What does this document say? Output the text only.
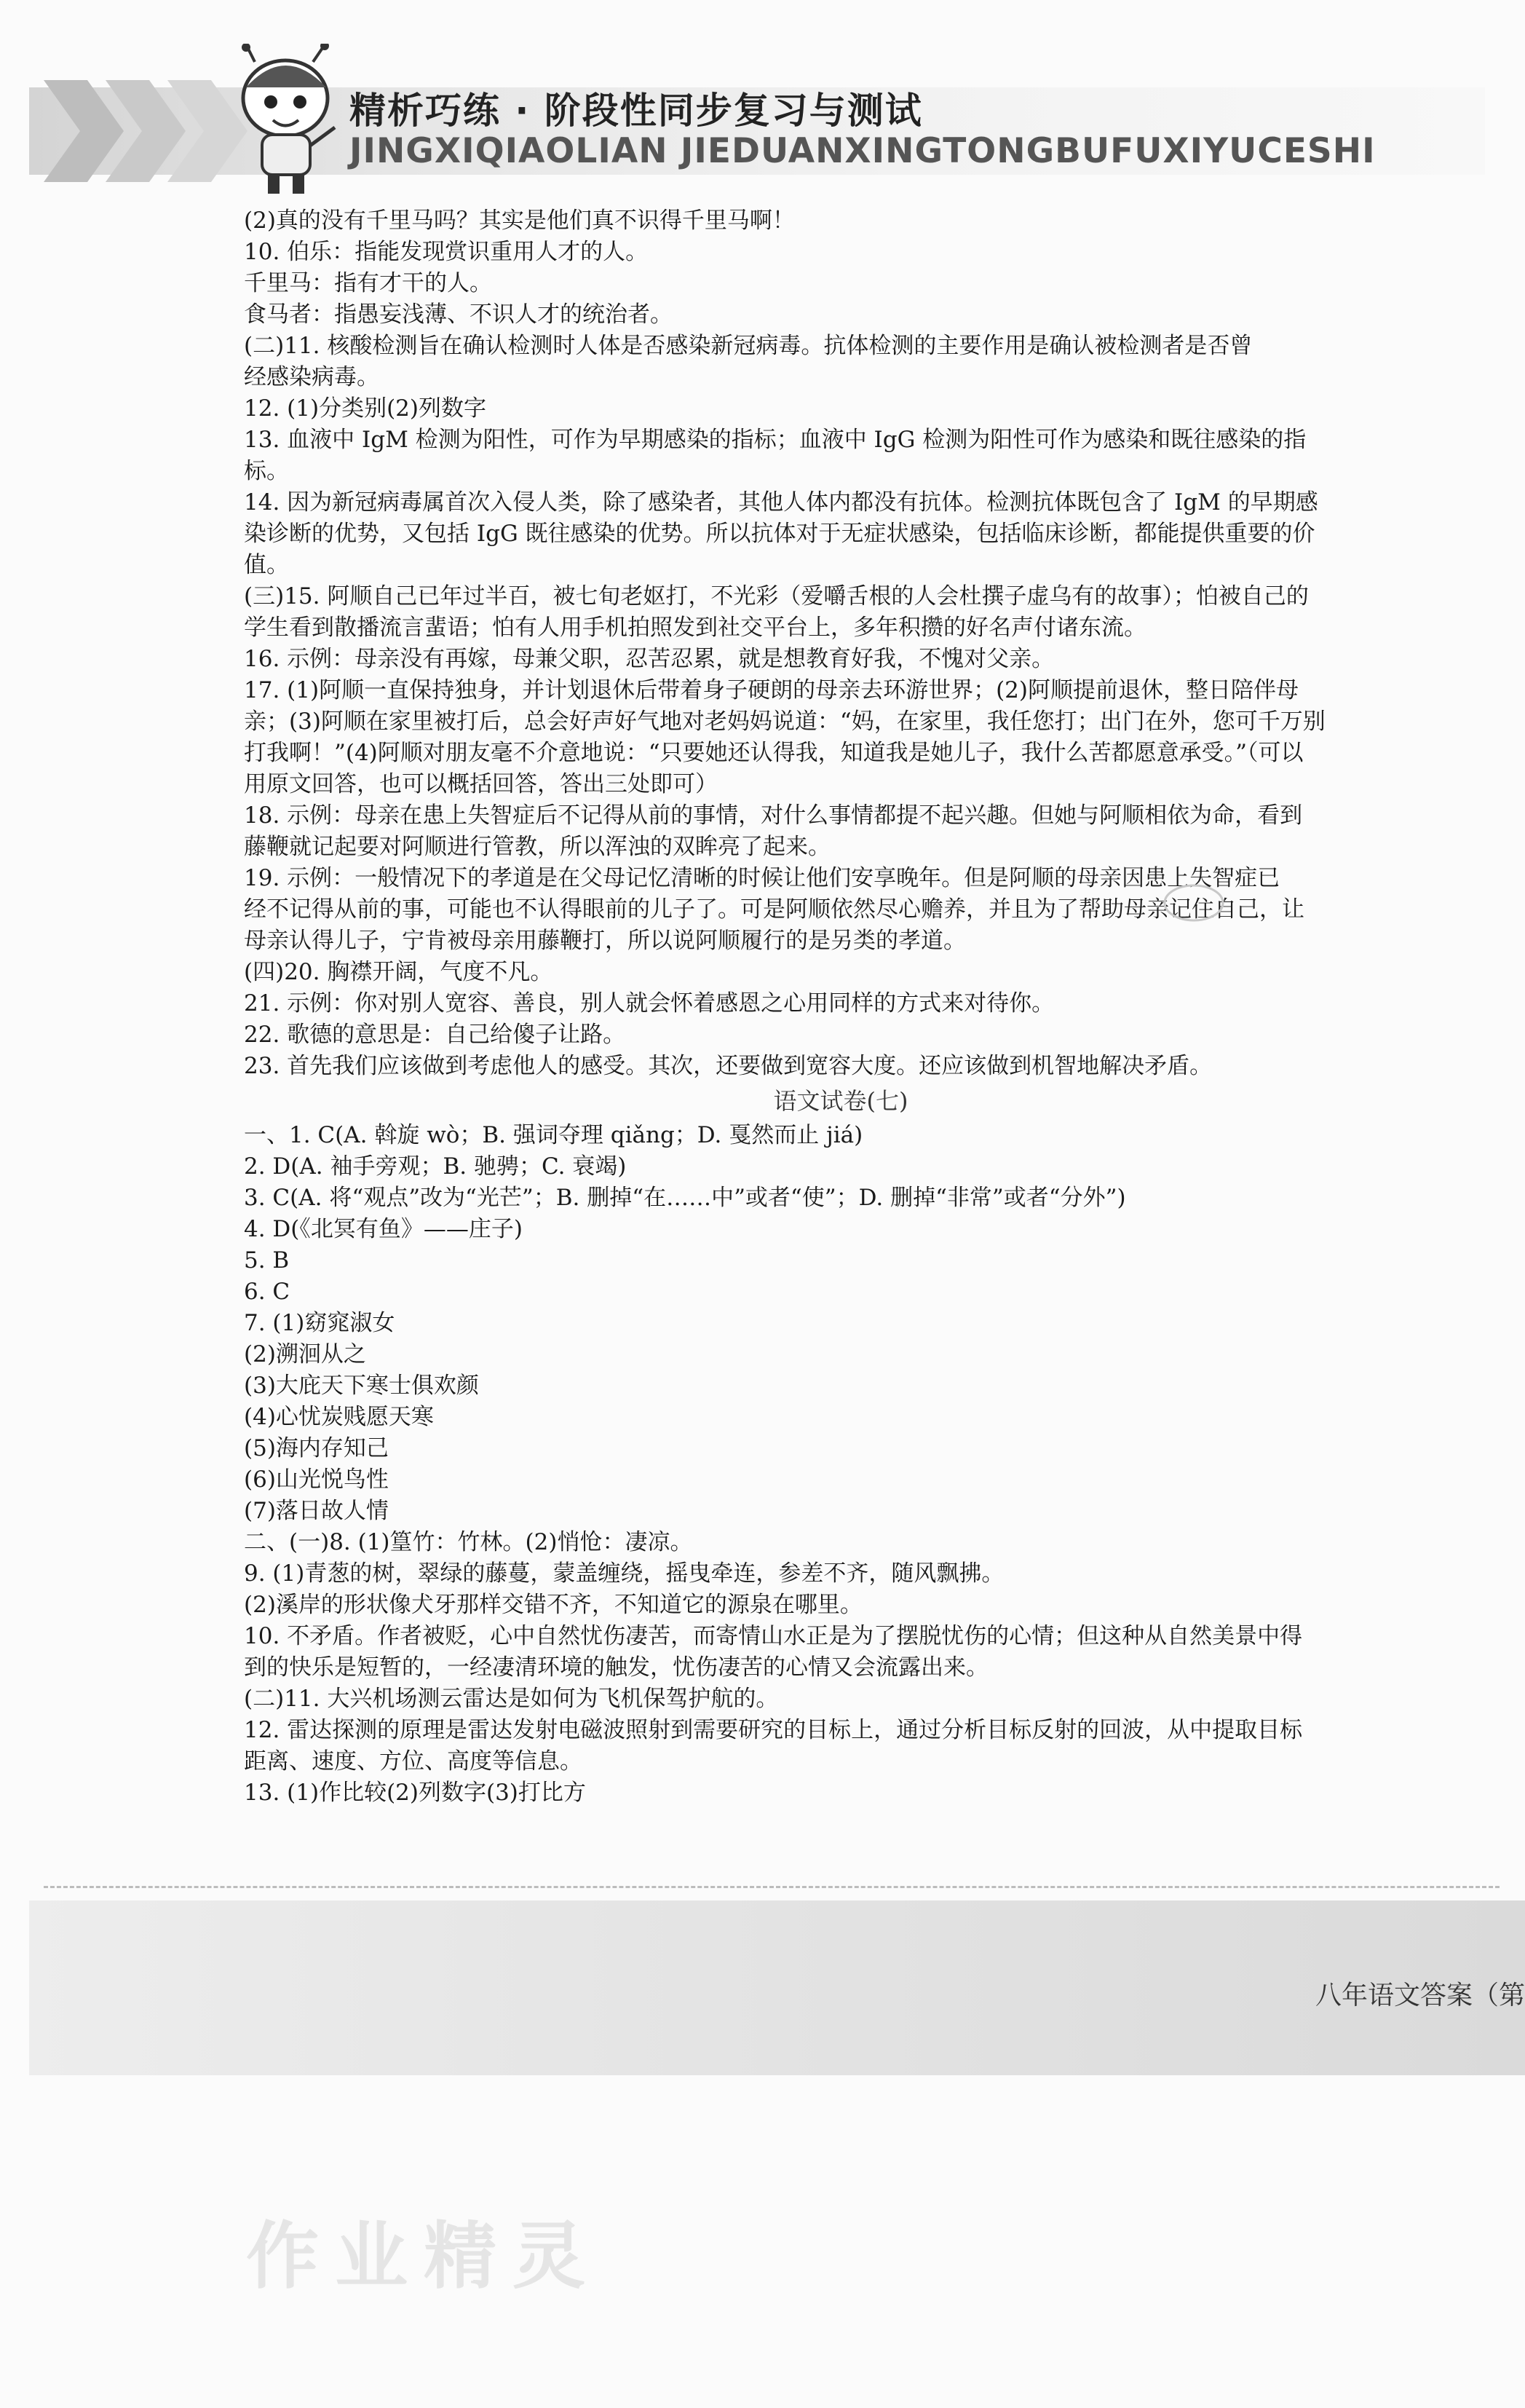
精析巧练 · 阶段性同步复习与测试
JINGXIQIAOLIAN JIEDUANXINGTONGBUFUXIYUCESHI
(2)真的没有千里马吗？其实是他们真不识得千里马啊！
10. 伯乐：指能发现赏识重用人才的人。
千里马：指有才干的人。
食马者：指愚妄浅薄、不识人才的统治者。
(二)11. 核酸检测旨在确认检测时人体是否感染新冠病毒。抗体检测的主要作用是确认被检测者是否曾
经感染病毒。
12. (1)分类别(2)列数字
13. 血液中 IgM 检测为阳性，可作为早期感染的指标；血液中 IgG 检测为阳性可作为感染和既往感染的指
标。
14. 因为新冠病毒属首次入侵人类，除了感染者，其他人体内都没有抗体。检测抗体既包含了 IgM 的早期感
染诊断的优势，又包括 IgG 既往感染的优势。所以抗体对于无症状感染，包括临床诊断，都能提供重要的价
值。
(三)15. 阿顺自己已年过半百，被七旬老妪打，不光彩（爱嚼舌根的人会杜撰子虚乌有的故事）；怕被自己的
学生看到散播流言蜚语；怕有人用手机拍照发到社交平台上，多年积攒的好名声付诸东流。
16. 示例：母亲没有再嫁，母兼父职，忍苦忍累，就是想教育好我，不愧对父亲。
17. (1)阿顺一直保持独身，并计划退休后带着身子硬朗的母亲去环游世界；(2)阿顺提前退休，整日陪伴母
亲；(3)阿顺在家里被打后，总会好声好气地对老妈妈说道：“妈，在家里，我任您打；出门在外，您可千万别
打我啊！”(4)阿顺对朋友毫不介意地说：“只要她还认得我，知道我是她儿子，我什么苦都愿意承受。”（可以
用原文回答，也可以概括回答，答出三处即可）
18. 示例：母亲在患上失智症后不记得从前的事情，对什么事情都提不起兴趣。但她与阿顺相依为命，看到
藤鞭就记起要对阿顺进行管教，所以浑浊的双眸亮了起来。
19. 示例：一般情况下的孝道是在父母记忆清晰的时候让他们安享晚年。但是阿顺的母亲因患上失智症已
经不记得从前的事，可能也不认得眼前的儿子了。可是阿顺依然尽心赡养，并且为了帮助母亲记住自己，让
母亲认得儿子，宁肯被母亲用藤鞭打，所以说阿顺履行的是另类的孝道。
(四)20. 胸襟开阔，气度不凡。
21. 示例：你对别人宽容、善良，别人就会怀着感恩之心用同样的方式来对待你。
22. 歌德的意思是：自己给傻子让路。
23. 首先我们应该做到考虑他人的感受。其次，还要做到宽容大度。还应该做到机智地解决矛盾。
语文试卷(七)
一、1. C(A. 斡旋 wò；B. 强词夺理 qiǎng；D. 戛然而止 jiá)
2. D(A. 袖手旁观；B. 驰骋；C. 衰竭)
3. C(A. 将“观点”改为“光芒”；B. 删掉“在……中”或者“使”；D. 删掉“非常”或者“分外”)
4. D(《北冥有鱼》——庄子)
5. B
6. C
7. (1)窈窕淑女
(2)溯洄从之
(3)大庇天下寒士俱欢颜
(4)心忧炭贱愿天寒
(5)海内存知己
(6)山光悦鸟性
(7)落日故人情
二、(一)8. (1)篁竹：竹林。(2)悄怆：凄凉。
9. (1)青葱的树，翠绿的藤蔓，蒙盖缠绕，摇曳牵连，参差不齐，随风飘拂。
(2)溪岸的形状像犬牙那样交错不齐，不知道它的源泉在哪里。
10. 不矛盾。作者被贬，心中自然忧伤凄苦，而寄情山水正是为了摆脱忧伤的心情；但这种从自然美景中得
到的快乐是短暂的，一经凄清环境的触发，忧伤凄苦的心情又会流露出来。
(二)11. 大兴机场测云雷达是如何为飞机保驾护航的。
12. 雷达探测的原理是雷达发射电磁波照射到需要研究的目标上，通过分析目标反射的回波，从中提取目标
距离、速度、方位、高度等信息。
13. (1)作比较(2)列数字(3)打比方
八年语文答案（第
作业精灵
